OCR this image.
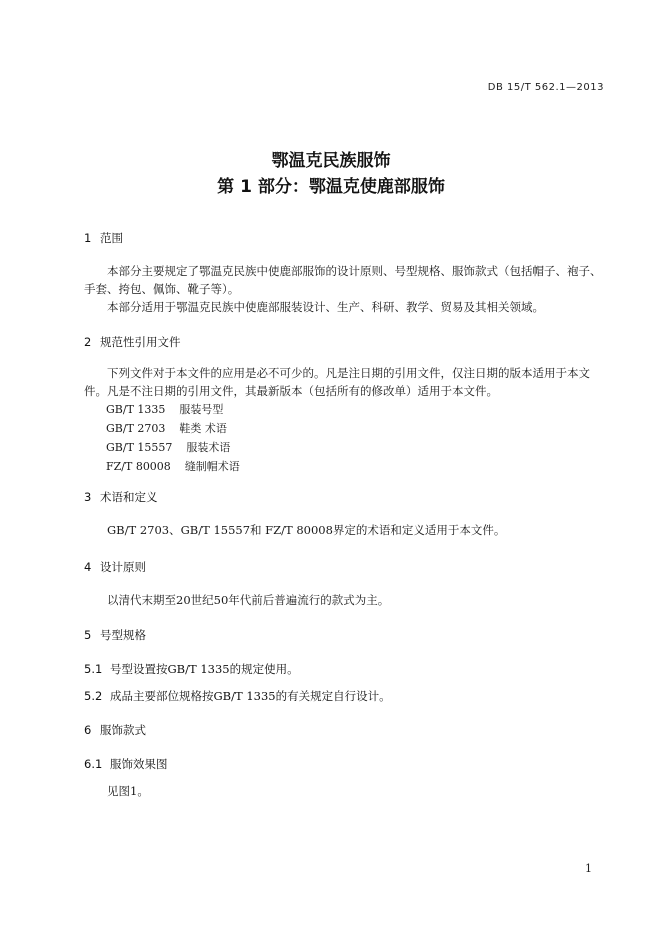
DB 15/T 562.1—2013
鄂温克民族服饰
第 1 部分：鄂温克使鹿部服饰
1 范围
本部分主要规定了鄂温克民族中使鹿部服饰的设计原则、号型规格、服饰款式（包括帽子、袍子、手套、挎包、佩饰、靴子等）。
本部分适用于鄂温克民族中使鹿部服装设计、生产、科研、教学、贸易及其相关领域。
2 规范性引用文件
下列文件对于本文件的应用是必不可少的。凡是注日期的引用文件，仅注日期的版本适用于本文件。凡是不注日期的引用文件，其最新版本（包括所有的修改单）适用于本文件。
GB/T 1335 服装号型
GB/T 2703 鞋类 术语
GB/T 15557 服装术语
FZ/T 80008 缝制帽术语
3 术语和定义
GB/T 2703、GB/T 15557和 FZ/T 80008界定的术语和定义适用于本文件。
4 设计原则
以清代末期至20世纪50年代前后普遍流行的款式为主。
5 号型规格
5.1 号型设置按GB/T 1335的规定使用。
5.2 成品主要部位规格按GB/T 1335的有关规定自行设计。
6 服饰款式
6.1 服饰效果图
见图1。
1
